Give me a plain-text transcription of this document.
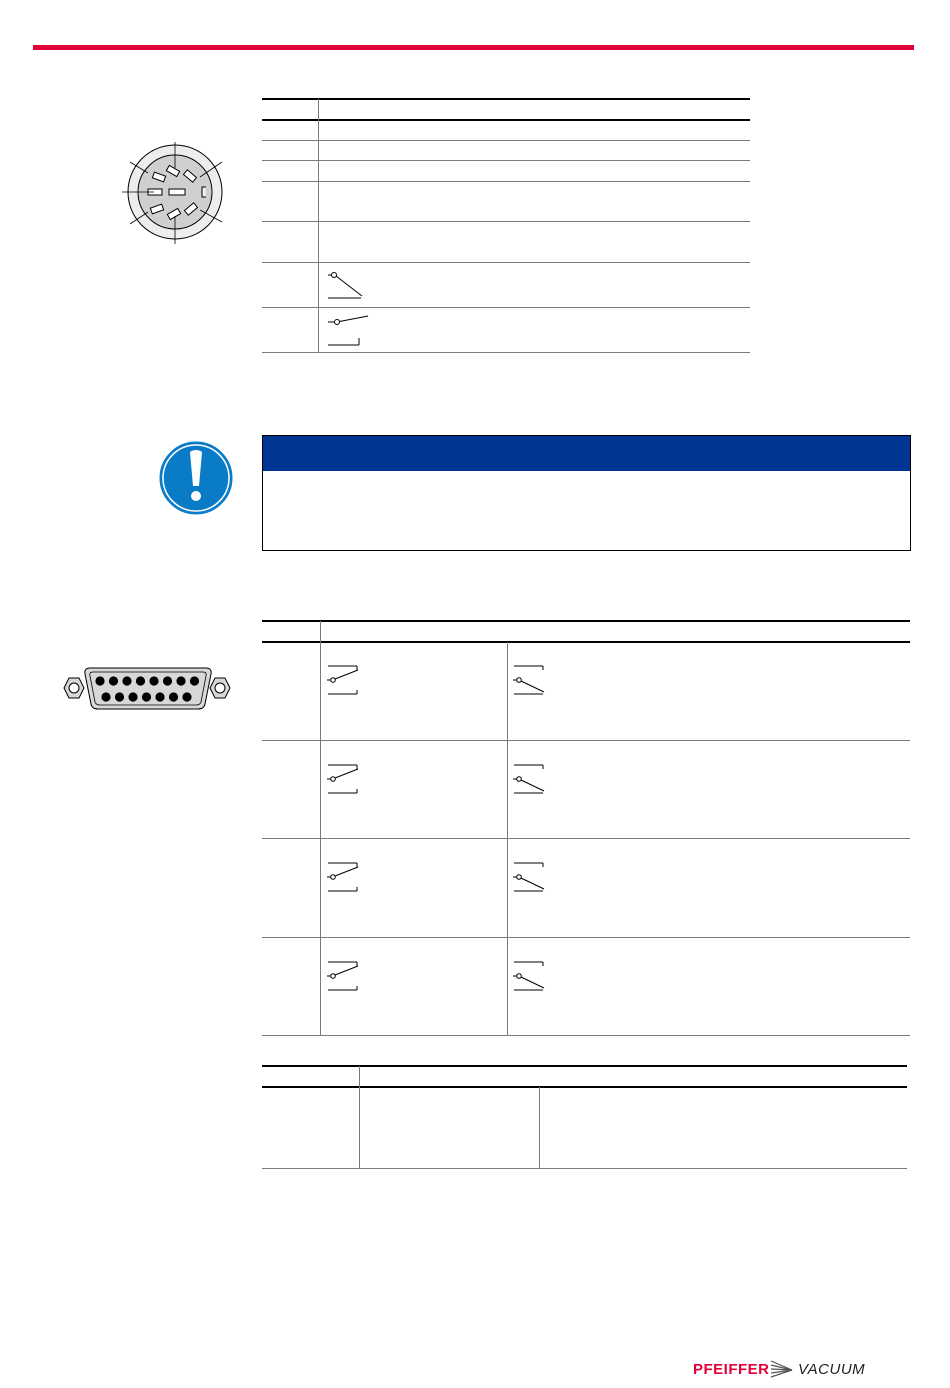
PFEIFFER VACUUM
